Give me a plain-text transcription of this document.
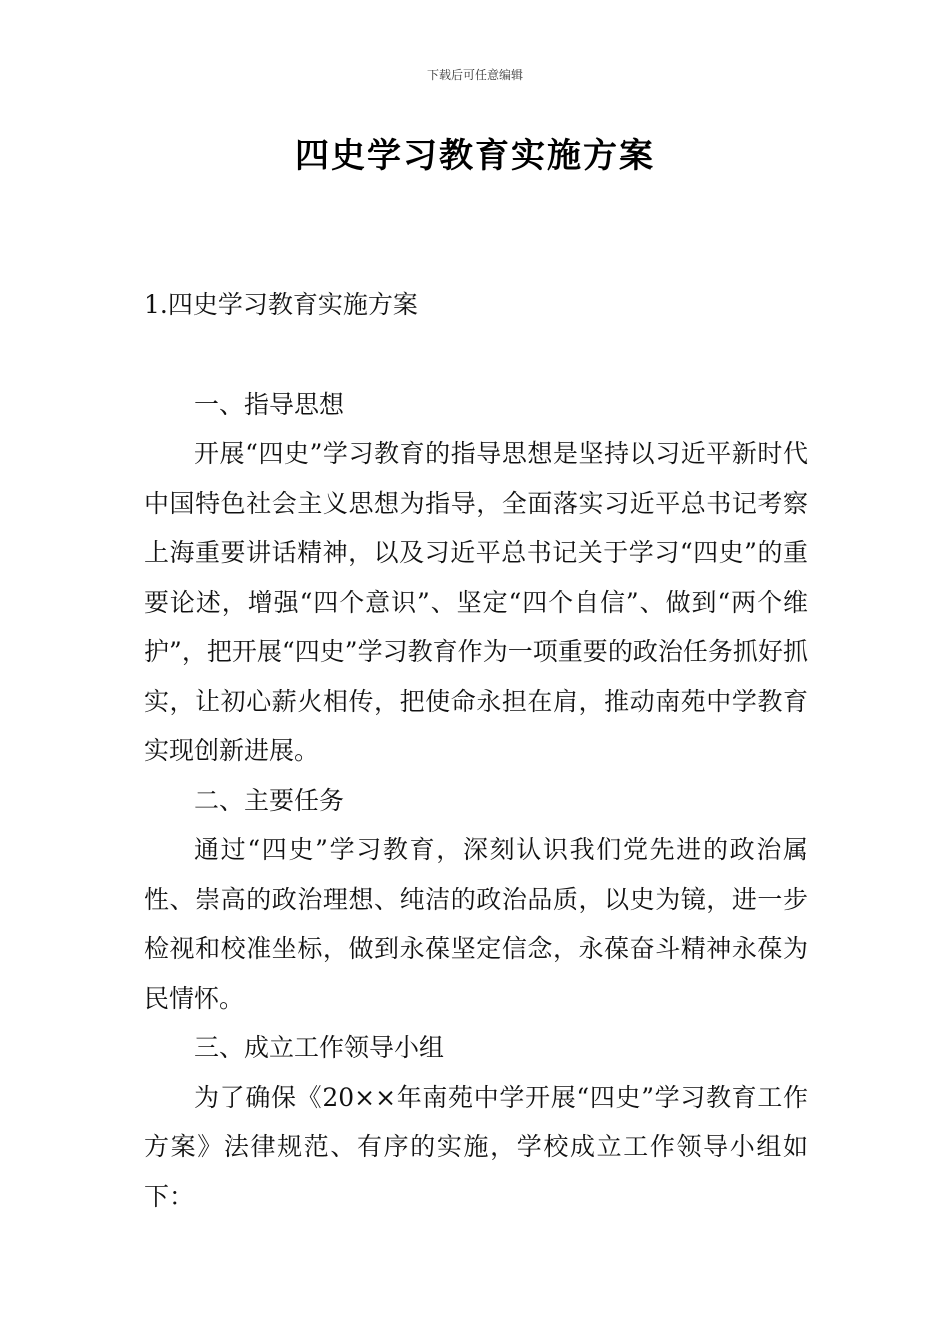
下载后可任意编辑
四史学习教育实施方案

1.四史学习教育实施方案

一、指导思想

开展“四史”学习教育的指导思想是坚持以习近平新时代中国特色社会主义思想为指导，全面落实习近平总书记考察上海重要讲话精神，以及习近平总书记关于学习“四史”的重要论述，增强“四个意识”、坚定“四个自信”、做到“两个维护”，把开展“四史”学习教育作为一项重要的政治任务抓好抓实，让初心薪火相传，把使命永担在肩，推动南苑中学教育实现创新进展。

二、主要任务

通过“四史”学习教育，深刻认识我们党先进的政治属性、崇高的政治理想、纯洁的政治品质，以史为镜，进一步检视和校准坐标，做到永葆坚定信念，永葆奋斗精神永葆为民情怀。

三、成立工作领导小组

为了确保《20××年南苑中学开展“四史”学习教育工作方案》法律规范、有序的实施，学校成立工作领导小组如下：
